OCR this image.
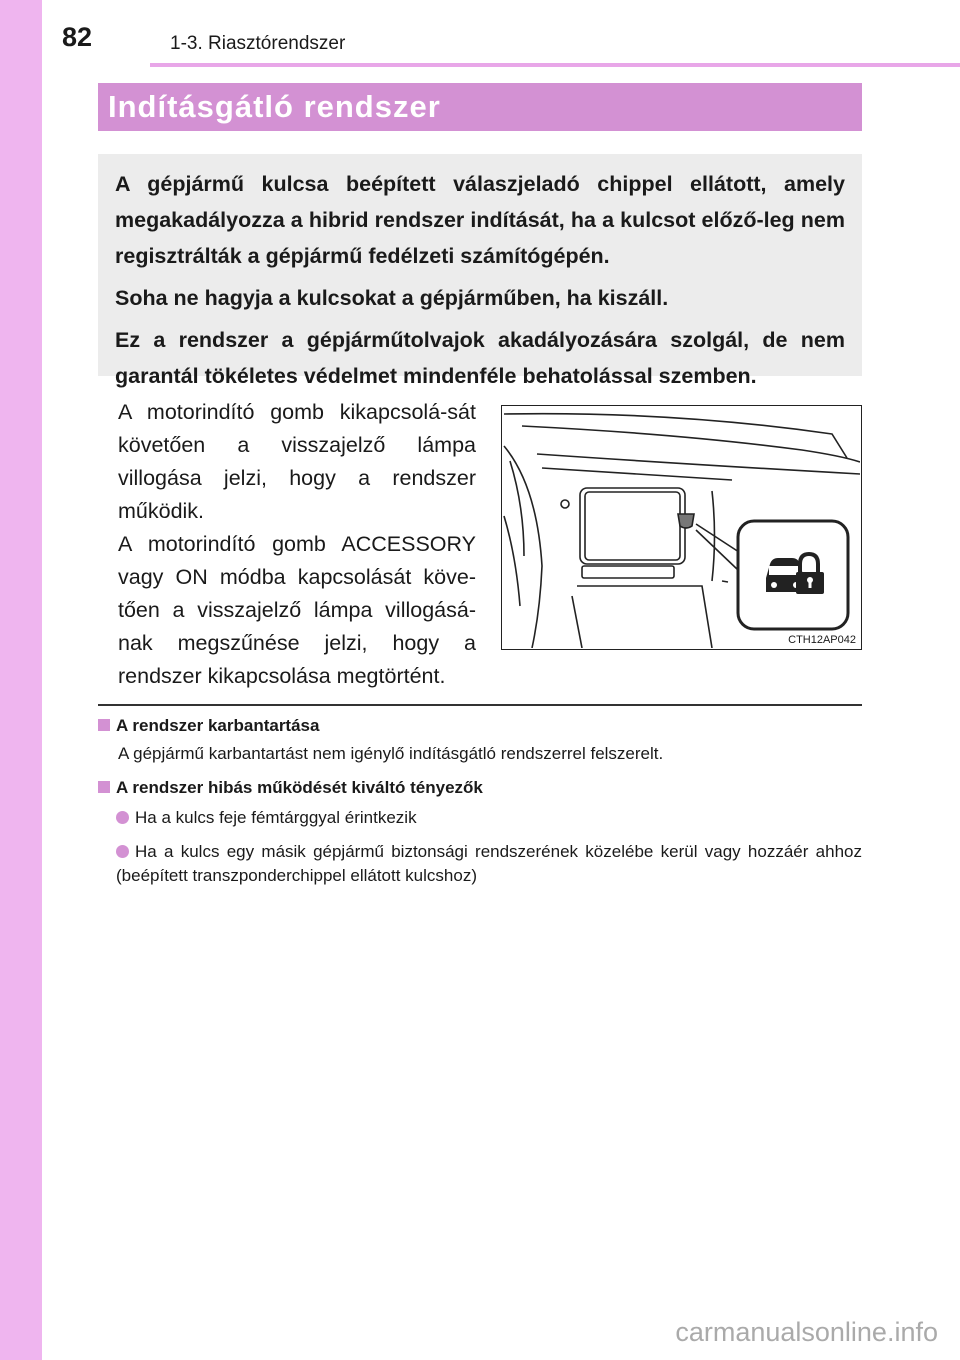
82	1-3. Riasztórendszer
Indításgátló rendszer

A gépjármű kulcsa beépített válaszjeladó chippel ellátott, amely megakadályozza a hibrid rendszer indítását, ha a kulcsot előző-leg nem regisztrálták a gépjármű fedélzeti számítógépén.

Soha ne hagyja a kulcsokat a gépjárműben, ha kiszáll.

Ez a rendszer a gépjárműtolvajok akadályozására szolgál, de nem garantál tökéletes védelmet mindenféle behatolással szemben.

A motorindító gomb kikapcsolá-sát követően a visszajelző lámpa villogása jelzi, hogy a rendszer működik.

A motorindító gomb ACCESSORY vagy ON módba kapcsolását köve-tően a visszajelző lámpa villogásá-nak megszűnése jelzi, hogy a rendszer kikapcsolása megtörtént.

CTH12AP042
A rendszer karbantartása
A gépjármű karbantartást nem igénylő indításgátló rendszerrel felszerelt.
A rendszer hibás működését kiváltó tényezők
Ha a kulcs feje fémtárggyal érintkezik
Ha a kulcs egy másik gépjármű biztonsági rendszerének közelébe kerül vagy hozzáér ahhoz (beépített transzponderchippel ellátott kulcshoz)
carmanualsonline.info
